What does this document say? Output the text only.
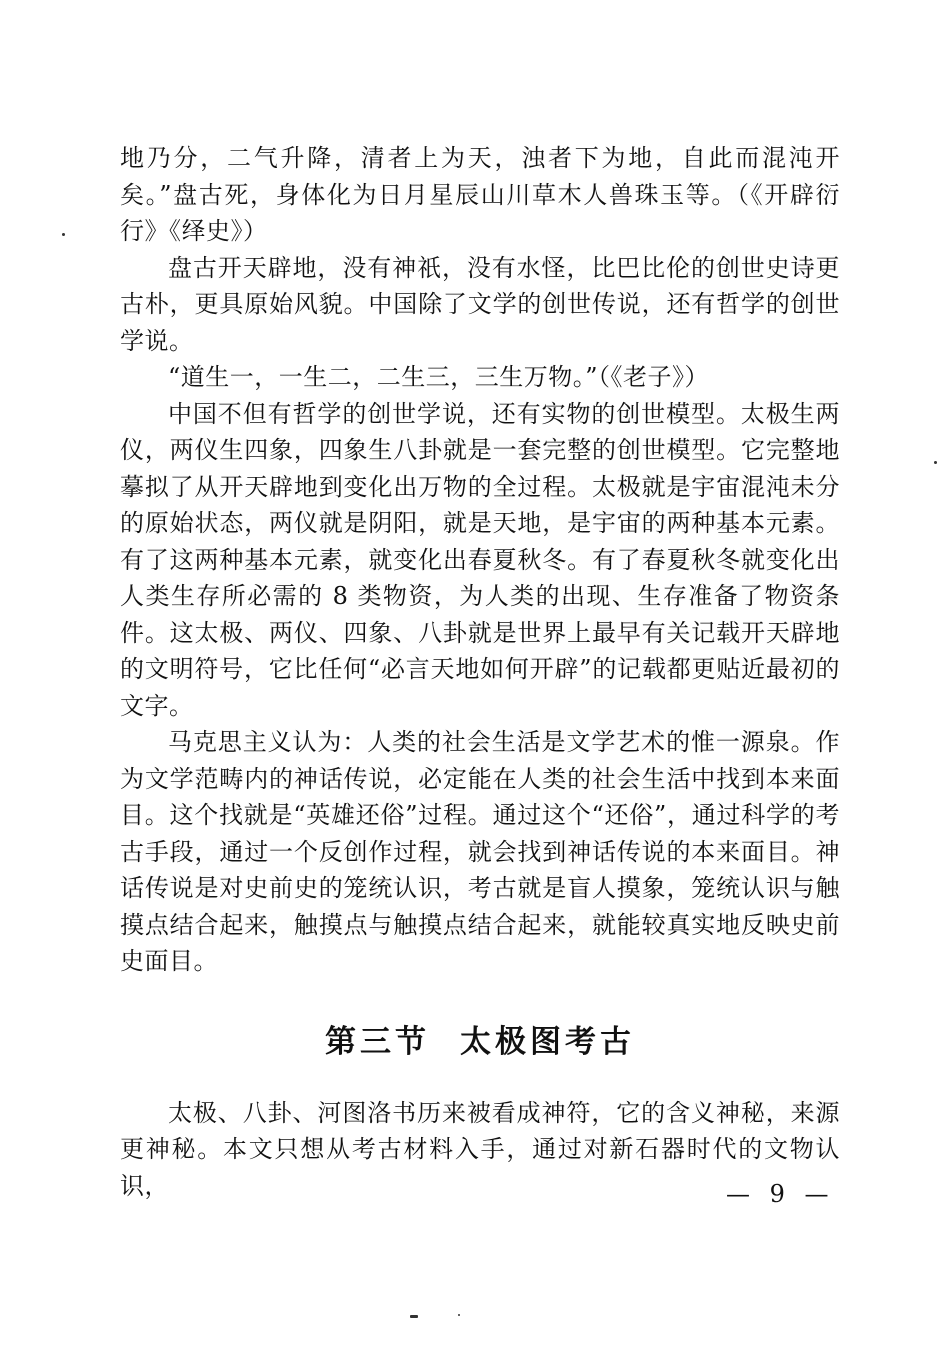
地乃分，二气升降，清者上为天，浊者下为地，自此而混沌开矣。”盘古死，身体化为日月星辰山川草木人兽珠玉等。（《开辟衍行》《绎史》）

盘古开天辟地，没有神祇，没有水怪，比巴比伦的创世史诗更古朴，更具原始风貌。中国除了文学的创世传说，还有哲学的创世学说。

“道生一，一生二，二生三，三生万物。”（《老子》）

中国不但有哲学的创世学说，还有实物的创世模型。太极生两仪，两仪生四象，四象生八卦就是一套完整的创世模型。它完整地摹拟了从开天辟地到变化出万物的全过程。太极就是宇宙混沌未分的原始状态，两仪就是阴阳，就是天地，是宇宙的两种基本元素。有了这两种基本元素，就变化出春夏秋冬。有了春夏秋冬就变化出人类生存所必需的 8 类物资，为人类的出现、生存准备了物资条件。这太极、两仪、四象、八卦就是世界上最早有关记载开天辟地的文明符号，它比任何“必言天地如何开辟”的记载都更贴近最初的文字。

马克思主义认为：人类的社会生活是文学艺术的惟一源泉。作为文学范畴内的神话传说，必定能在人类的社会生活中找到本来面目。这个找就是“英雄还俗”过程。通过这个“还俗”，通过科学的考古手段，通过一个反创作过程，就会找到神话传说的本来面目。神话传说是对史前史的笼统认识，考古就是盲人摸象，笼统认识与触摸点结合起来，触摸点与触摸点结合起来，就能较真实地反映史前史面目。

第三节 太极图考古

太极、八卦、河图洛书历来被看成神符，它的含义神秘，来源更神秘。本文只想从考古材料入手，通过对新石器时代的文物认识，	— 9 —
